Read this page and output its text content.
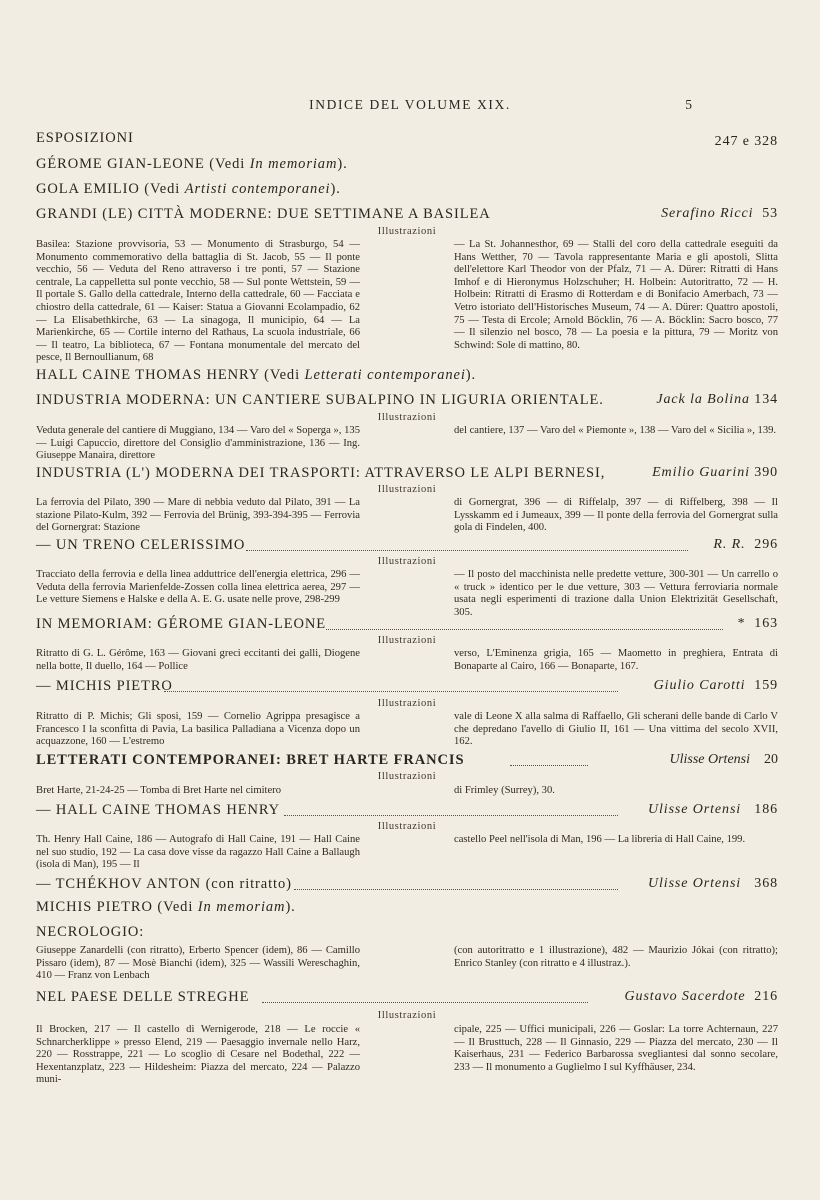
INDICE DEL VOLUME XIX.	5
ESPOSIZIONI	247 e 328
GÉROME GIAN-LEONE (Vedi In memoriam).
GOLA EMILIO (Vedi Artisti contemporanei).
GRANDI (LE) CITTÀ MODERNE: DUE SETTIMANE A BASILEA	Serafino Ricci 53
Illustrazioni
Basilea: Stazione provvisoria, 53 — Monumento di Strasburgo, 54 — Monumento commemorativo della battaglia di St. Jacob, 55 — Il ponte vecchio, 56 — Veduta del Reno attraverso i tre ponti, 57 — Stazione centrale, La cappelletta sul ponte vecchio, 58 — Sul ponte Wettstein, 59 — Il portale S. Gallo della cattedrale, Interno della cattedrale, 60 — Facciata e chiostro della cattedrale, 61 — Kaiser: Statua a Giovanni Ecolampadio, 62 — La Elisabethkirche, 63 — La sinagoga, Il municipio, 64 — La Marienkirche, 65 — Cortile interno del Rathaus, La scuola industriale, 66 — Il teatro, La biblioteca, 67 — Fontana monumentale del mercato del pesce, Il Bernoullianum, 68
— La St. Johannesthor, 69 — Stalli del coro della cattedrale eseguiti da Hans Wetther, 70 — Tavola rappresentante Maria e gli apostoli, Slitta dell'elettore Karl Theodor von der Pfalz, 71 — A. Dürer: Ritratti di Hans Imhof e di Hieronymus Holzschuher; H. Holbein: Autoritratto, 72 — H. Holbein: Ritratti di Erasmo di Rotterdam e di Bonifacio Amerbach, 73 — Vetro istoriato dell'Historisches Museum, 74 — A. Dürer: Quattro apostoli, 75 — Testa di Ercole; Arnold Böcklin, 76 — A. Böcklin: Sacro bosco, 77 — Il silenzio nel bosco, 78 — La poesia e la pittura, 79 — Moritz von Schwind: Sole di mattino, 80.
HALL CAINE THOMAS HENRY (Vedi Letterati contemporanei).
INDUSTRIA MODERNA: UN CANTIERE SUBALPINO IN LIGURIA ORIENTALE.	Jack la Bolina 134
Illustrazioni
Veduta generale del cantiere di Muggiano, 134 — Varo del « Soperga », 135 — Luigi Capuccio, direttore del Consiglio d'amministrazione, 136 — Ing. Giuseppe Manaira, direttore
del cantiere, 137 — Varo del « Piemonte », 138 — Varo del « Sicilia », 139.
INDUSTRIA (L') MODERNA DEI TRASPORTI: ATTRAVERSO LE ALPI BERNESI,	Emilio Guarini 390
Illustrazioni
La ferrovia del Pilato, 390 — Mare di nebbia veduto dal Pilato, 391 — La stazione Pilato-Kulm, 392 — Ferrovia del Brünig, 393-394-395 — Ferrovia del Gornergrat: Stazione
di Gornergrat, 396 — di Riffelalp, 397 — di Riffelberg, 398 — Il Lysskamm ed i Jumeaux, 399 — Il ponte della ferrovia del Gornergrat sulla gola di Findelen, 400.
— UN TRENO CELERISSIMO	R. R. 296
Illustrazioni
Tracciato della ferrovia e della linea adduttrice dell'energia elettrica, 296 — Veduta della ferrovia Marienfelde-Zossen colla linea elettrica aerea, 297 — Le vetture Siemens e Halske e della A. E. G. usate nelle prove, 298-299
— Il posto del macchinista nelle predette vetture, 300-301 — Un carrello o « truck » identico per le due vetture, 303 — Vettura ferroviaria normale usata negli esperimenti di trazione dalla Union Elektrizität Gesellschaft, 305.
IN MEMORIAM: GÉROME GIAN-LEONE	* 163
Illustrazioni
Ritratto di G. L. Gérôme, 163 — Giovani greci eccitanti dei galli, Diogene nella botte, Il duello, 164 — Pollice
verso, L'Eminenza grigia, 165 — Maometto in preghiera, Entrata di Bonaparte al Cairo, 166 — Bonaparte, 167.
— MICHIS PIETRO	Giulio Carotti 159
Illustrazioni
Ritratto di P. Michis; Gli sposi, 159 — Cornelio Agrippa presagisce a Francesco I la sconfitta di Pavia, La basilica Palladiana a Vicenza dopo un acquazzone, 160 — L'estremo
vale di Leone X alla salma di Raffaello, Gli scherani delle bande di Carlo V che depredano l'avello di Giulio II, 161 — Una vittima del secolo XVII, 162.
LETTERATI CONTEMPORANEI: BRET HARTE FRANCIS	Ulisse Ortensi 20
Illustrazioni
Bret Harte, 21-24-25 — Tomba di Bret Harte nel cimitero	di Frimley (Surrey), 30.
— HALL CAINE THOMAS HENRY	Ulisse Ortensi 186
Illustrazioni
Th. Henry Hall Caine, 186 — Autografo di Hall Caine, 191 — Hall Caine nel suo studio, 192 — La casa dove visse da ragazzo Hall Caine a Ballaugh (isola di Man), 195 — Il
castello Peel nell'isola di Man, 196 — La libreria di Hall Caine, 199.
— TCHÉKHOV ANTON (con ritratto)	Ulisse Ortensi 368
MICHIS PIETRO (Vedi In memoriam).
NECROLOGIO:
Giuseppe Zanardelli (con ritratto), Erberto Spencer (idem), 86 — Camillo Pissaro (idem), 87 — Mosè Bianchi (idem), 325 — Wassili Wereschaghin, 410 — Franz von Lenbach
(con autoritratto e 1 illustrazione), 482 — Maurizio Jókai (con ritratto); Enrico Stanley (con ritratto e 4 illustraz.).
NEL PAESE DELLE STREGHE	Gustavo Sacerdote 216
Illustrazioni
Il Brocken, 217 — Il castello di Wernigerode, 218 — Le roccie « Schnarcherklippe » presso Elend, 219 — Paesaggio invernale nello Harz, 220 — Rosstrappe, 221 — Lo scoglio di Cesare nel Bodethal, 222 — Hexentanzplatz, 223 — Hildesheim: Piazza del mercato, 224 — Palazzo muni-
cipale, 225 — Uffici municipali, 226 — Goslar: La torre Achternaun, 227 — Il Brusttuch, 228 — Il Ginnasio, 229 — Piazza del mercato, 230 — Il Kaiserhaus, 231 — Federico Barbarossa svegliantesi dal sonno secolare, 233 — Il monumento a Guglielmo I sul Kyffhäuser, 234.
